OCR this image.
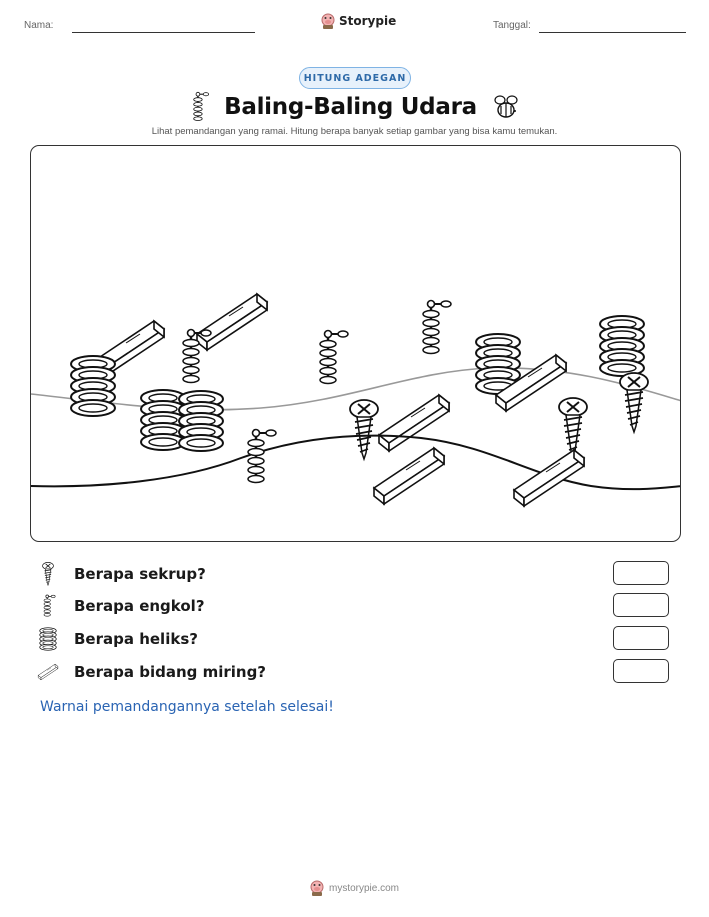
Nama:	Storypie	Tanggal:
HITUNG ADEGAN
Baling-Baling Udara
Lihat pemandangan yang ramai. Hitung berapa banyak setiap gambar yang bisa kamu temukan.
Berapa sekrup?
Berapa engkol?
Berapa heliks?
Berapa bidang miring?
Warnai pemandangannya setelah selesai!
mystorypie.com
